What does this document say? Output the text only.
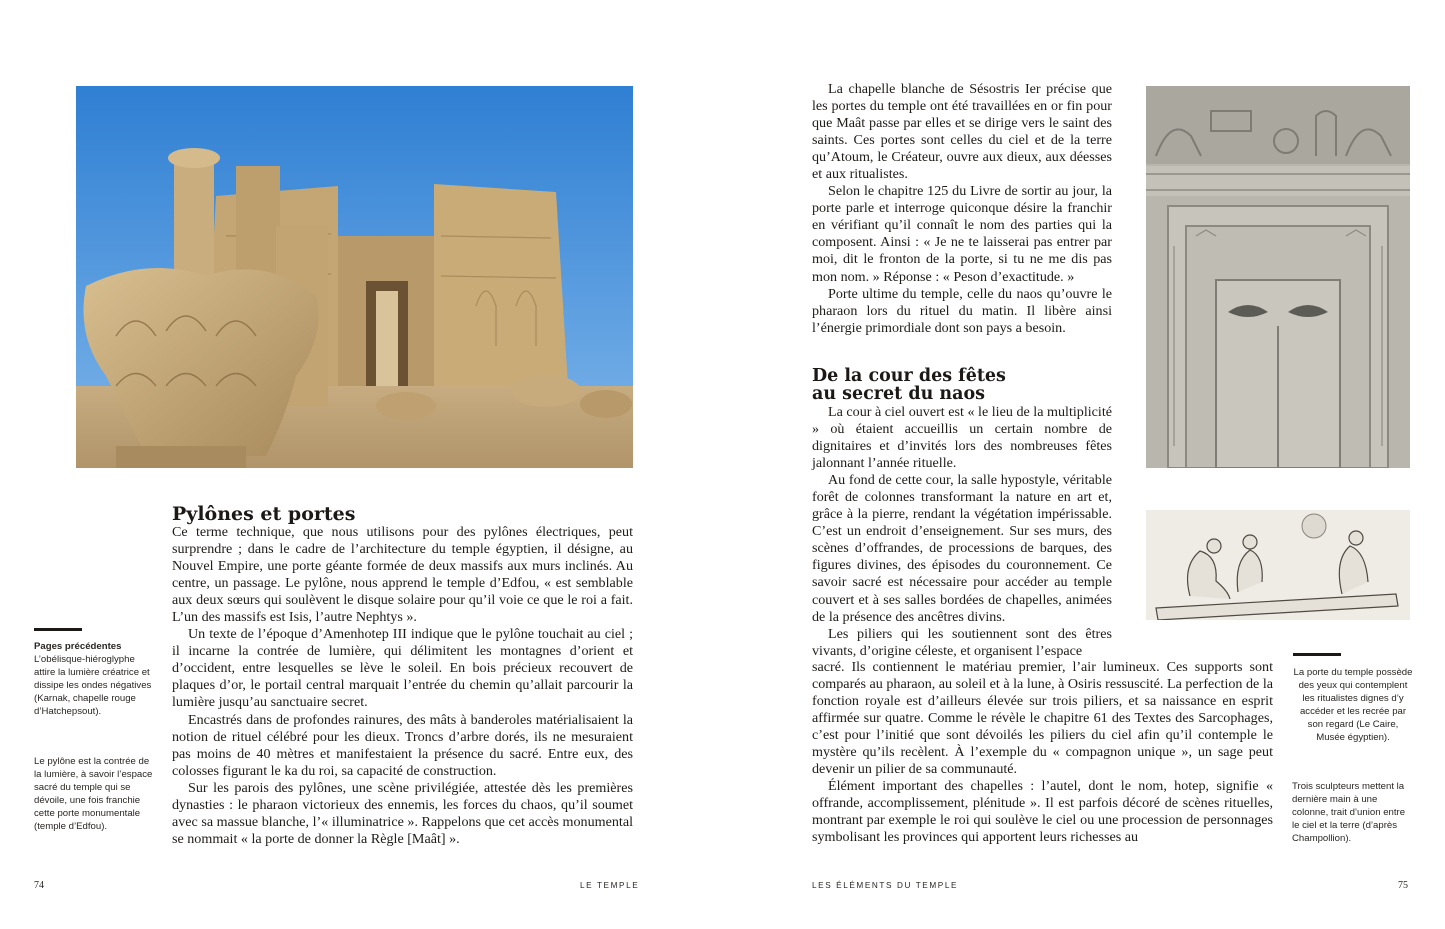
Pylônes et portes

Ce terme technique, que nous utilisons pour des pylônes électriques, peut surprendre ; dans le cadre de l’architecture du temple égyptien, il désigne, au Nouvel Empire, une porte géante formée de deux massifs aux murs inclinés. Au centre, un passage. Le pylône, nous apprend le temple d’Edfou, « est semblable aux deux sœurs qui soulèvent le disque solaire pour qu’il voie ce que le roi a fait. L’un des massifs est Isis, l’autre Nephtys ».

Un texte de l’époque d’Amenhotep III indique que le pylône touchait au ciel ; il incarne la contrée de lumière, qui délimitent les montagnes d’orient et d’occident, entre lesquelles se lève le soleil. En bois précieux recouvert de plaques d’or, le portail central marquait l’entrée du chemin qu’allait parcourir la lumière jusqu’au sanctuaire secret.

Encastrés dans de profondes rainures, des mâts à banderoles matérialisaient la notion de rituel célébré pour les dieux. Troncs d’arbre dorés, ils ne mesuraient pas moins de 40 mètres et manifestaient la présence du sacré. Entre eux, des colosses figurant le ka du roi, sa capacité de construction.

Sur les parois des pylônes, une scène privilégiée, attestée dès les premières dynasties : le pharaon victorieux des ennemis, les forces du chaos, qu’il soumet avec sa massue blanche, l’« illuminatrice ». Rappelons que cet accès monumental se nommait « la porte de donner la Règle [Maât] ».

Pages précédentes
L’obélisque-hiéroglyphe attire la lumière créatrice et dissipe les ondes négatives (Karnak, chapelle rouge d’Hatchepsout).
Le pylône est la contrée de la lumière, à savoir l’espace sacré du temple qui se dévoile, une fois franchie cette porte monumentale (temple d’Edfou).
74	LE TEMPLE

La chapelle blanche de Sésostris Ier précise que les portes du temple ont été travaillées en or fin pour que Maât passe par elles et se dirige vers le saint des saints. Ces portes sont celles du ciel et de la terre qu’Atoum, le Créateur, ouvre aux dieux, aux déesses et aux ritualistes.

Selon le chapitre 125 du Livre de sortir au jour, la porte parle et interroge quiconque désire la franchir en vérifiant qu’il connaît le nom des parties qui la composent. Ainsi : « Je ne te laisserai pas entrer par moi, dit le fronton de la porte, si tu ne me dis pas mon nom. » Réponse : « Peson d’exactitude. »

Porte ultime du temple, celle du naos qu’ouvre le pharaon lors du rituel du matin. Il libère ainsi l’énergie primordiale dont son pays a besoin.

De la cour des fêtes
au secret du naos

La cour à ciel ouvert est « le lieu de la multiplicité » où étaient accueillis un certain nombre de dignitaires et d’invités lors des nombreuses fêtes jalonnant l’année rituelle.

Au fond de cette cour, la salle hypostyle, véritable forêt de colonnes transformant la nature en art et, grâce à la pierre, rendant la végétation impérissable. C’est un endroit d’enseignement. Sur ses murs, des scènes d’offrandes, de processions de barques, des figures divines, des épisodes du couronnement. Ce savoir sacré est nécessaire pour accéder au temple couvert et à ses salles bordées de chapelles, animées de la présence des ancêtres divins.

Les piliers qui les soutiennent sont des êtres vivants, d’origine céleste, et organisent l’espace

sacré. Ils contiennent le matériau premier, l’air lumineux. Ces supports sont comparés au pharaon, au soleil et à la lune, à Osiris ressuscité. La perfection de la fonction royale est d’ailleurs élevée sur trois piliers, et sa naissance en esprit affirmée sur quatre. Comme le révèle le chapitre 61 des Textes des Sarcophages, c’est pour l’initié que sont dévoilés les piliers du ciel afin qu’il contemple le mystère qu’ils recèlent. À l’exemple du « compagnon unique », un sage peut devenir un pilier de sa communauté.

Élément important des chapelles : l’autel, dont le nom, hotep, signifie « offrande, accomplissement, plénitude ». Il est parfois décoré de scènes rituelles, montrant par exemple le roi qui soulève le ciel ou une procession de personnages symbolisant les provinces qui apportent leurs richesses au

La porte du temple possède des yeux qui contemplent les ritualistes dignes d’y accéder et les recrée par son regard (Le Caire, Musée égyptien).
Trois sculpteurs mettent la dernière main à une colonne, trait d’union entre le ciel et la terre (d’après Champollion).
LES ÉLÉMENTS DU TEMPLE	75
